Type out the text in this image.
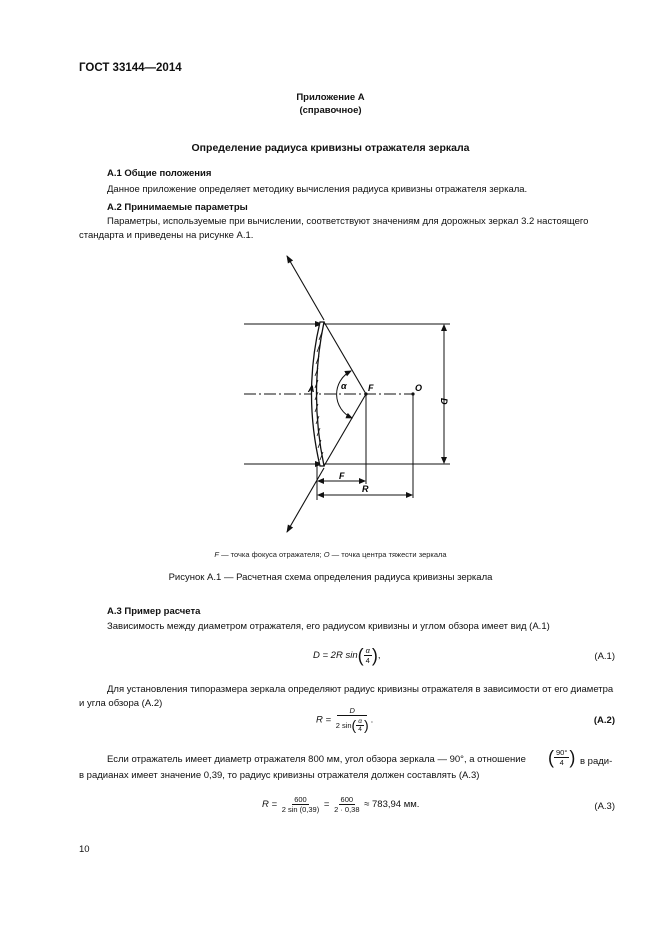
ГОСТ 33144—2014
Приложение А
(справочное)
Определение радиуса кривизны отражателя зеркала
А.1 Общие положения
Данное приложение определяет методику вычисления радиуса кривизны отражателя зеркала.
А.2 Принимаемые параметры
Параметры, используемые при вычислении, соответствуют значениям для дорожных зеркал 3.2 настоящего стандарта и приведены на рисунке А.1.
A	α F	O
D
F
R
F — точка фокуса отражателя; O — точка центра тяжести зеркала
Рисунок А.1 — Расчетная схема определения радиуса кривизны зеркала
А.3 Пример расчета
Зависимость между диаметром отражателя, его радиусом кривизны и углом обзора имеет вид (А.1)
D = 2R $\sin( \frac{\alpha}{4}$ ),	(А.1)
Для установления типоразмера зеркала определяют радиус кривизны отражателя в зависимости от его диаметра и угла обзора (А.2)
$R = \frac{D}{2 \sin ( \frac{\alpha}{4} )}$ .	(А.2)
Если отражатель имеет диаметр отражателя 800 мм, угол обзора зеркала — 90°, а отношение	( $\frac{90^\circ}{4}$ ) в ради-
в радианах имеет значение 0,39, то радиус кривизны отражателя должен составлять (А.3)
$R = \frac{600}{2 \sin (0,39)} = \frac{600}{2 \cdot 0,38} \approx 783,94$ мм.	(А.3)
10
